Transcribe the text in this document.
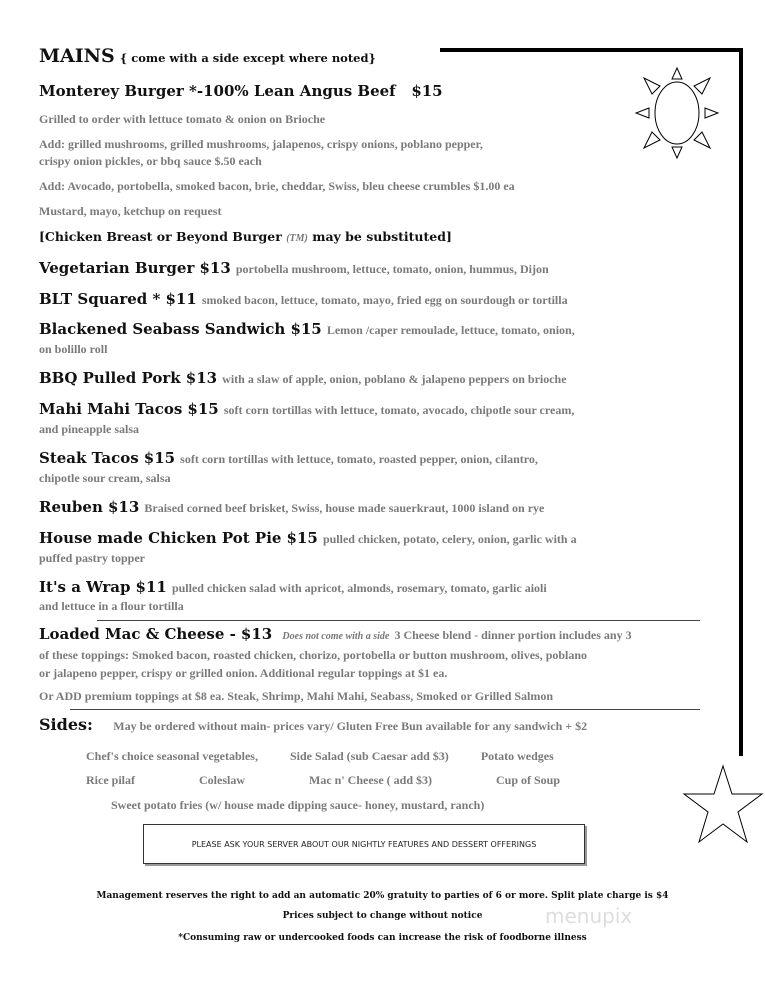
MAINS { come with a side except where noted}
Monterey Burger *-100% Lean Angus Beef $15
Grilled to order with lettuce tomato & onion on Brioche
Add: grilled mushrooms, grilled mushrooms, jalapenos, crispy onions, poblano pepper,
crispy onion pickles, or bbq sauce $.50 each
Add: Avocado, portobella, smoked bacon, brie, cheddar, Swiss, bleu cheese crumbles $1.00 ea
Mustard, mayo, ketchup on request
[Chicken Breast or Beyond Burger (TM) may be substituted]
Vegetarian Burger $13 portobella mushroom, lettuce, tomato, onion, hummus, Dijon
BLT Squared * $11 smoked bacon, lettuce, tomato, mayo, fried egg on sourdough or tortilla
Blackened Seabass Sandwich $15 Lemon /caper remoulade, lettuce, tomato, onion,
on bolillo roll
BBQ Pulled Pork $13 with a slaw of apple, onion, poblano & jalapeno peppers on brioche
Mahi Mahi Tacos $15 soft corn tortillas with lettuce, tomato, avocado, chipotle sour cream,
and pineapple salsa
Steak Tacos $15 soft corn tortillas with lettuce, tomato, roasted pepper, onion, cilantro,
chipotle sour cream, salsa
Reuben $13 Braised corned beef brisket, Swiss, house made sauerkraut, 1000 island on rye
House made Chicken Pot Pie $15 pulled chicken, potato, celery, onion, garlic with a
puffed pastry topper
It's a Wrap $11 pulled chicken salad with apricot, almonds, rosemary, tomato, garlic aioli
and lettuce in a flour tortilla
Loaded Mac & Cheese - $13 Does not come with a side 3 Cheese blend - dinner portion includes any 3
of these toppings: Smoked bacon, roasted chicken, chorizo, portobella or button mushroom, olives, poblano
or jalapeno pepper, crispy or grilled onion. Additional regular toppings at $1 ea.
Or ADD premium toppings at $8 ea. Steak, Shrimp, Mahi Mahi, Seabass, Smoked or Grilled Salmon
Sides: May be ordered without main- prices vary/ Gluten Free Bun available for any sandwich + $2
Chef's choice seasonal vegetables,	Side Salad (sub Caesar add $3)	Potato wedges
Rice pilaf	Coleslaw	Mac n' Cheese ( add $3)	Cup of Soup
Sweet potato fries (w/ house made dipping sauce- honey, mustard, ranch)
PLEASE ASK YOUR SERVER ABOUT OUR NIGHTLY FEATURES AND DESSERT OFFERINGS
Management reserves the right to add an automatic 20% gratuity to parties of 6 or more. Split plate charge is $4
Prices subject to change without notice
*Consuming raw or undercooked foods can increase the risk of foodborne illness
menupix
